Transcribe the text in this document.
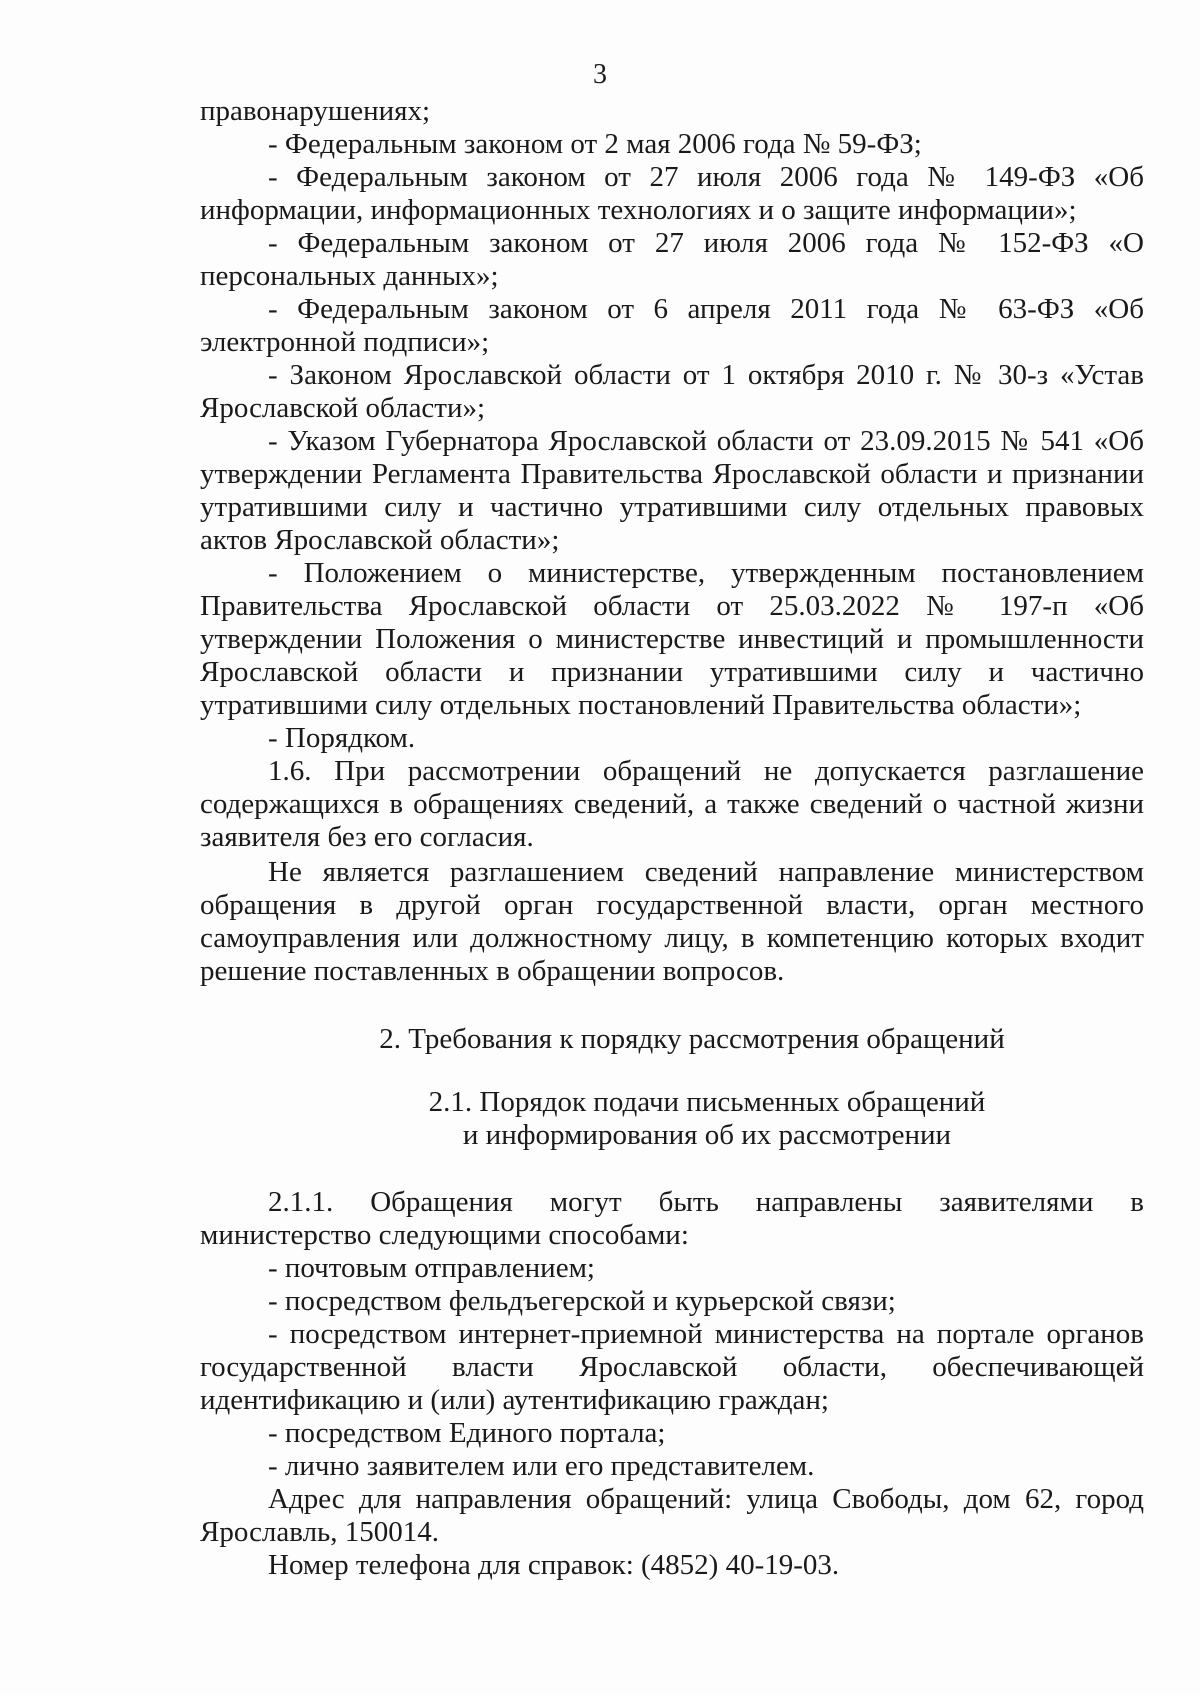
3

правонарушениях;

- Федеральным законом от 2 мая 2006 года № 59-ФЗ;

- Федеральным законом от 27 июля 2006 года № 149-ФЗ «Об информации, информационных технологиях и о защите информации»;

- Федеральным законом от 27 июля 2006 года № 152-ФЗ «О персональных данных»;

- Федеральным законом от 6 апреля 2011 года № 63-ФЗ «Об электронной подписи»;

- Законом Ярославской области от 1 октября 2010 г. № 30-з «Устав Ярославской области»;

- Указом Губернатора Ярославской области от 23.09.2015 № 541 «Об утверждении Регламента Правительства Ярославской области и признании утратившими силу и частично утратившими силу отдельных правовых актов Ярославской области»;

- Положением о министерстве, утвержденным постановлением Правительства Ярославской области от 25.03.2022 № 197-п «Об утверждении Положения о министерстве инвестиций и промышленности Ярославской области и признании утратившими силу и частично утратившими силу отдельных постановлений Правительства области»;

- Порядком.

1.6. При рассмотрении обращений не допускается разглашение содержащихся в обращениях сведений, а также сведений о частной жизни заявителя без его согласия.

Не является разглашением сведений направление министерством обращения в другой орган государственной власти, орган местного самоуправления или должностному лицу, в компетенцию которых входит решение поставленных в обращении вопросов.

2. Требования к порядку рассмотрения обращений

2.1. Порядок подачи письменных обращений
и информирования об их рассмотрении

2.1.1. Обращения могут быть направлены заявителями в министерство следующими способами:

- почтовым отправлением;

- посредством фельдъегерской и курьерской связи;

- посредством интернет-приемной министерства на портале органов государственной власти Ярославской области, обеспечивающей идентификацию и (или) аутентификацию граждан;

- посредством Единого портала;

- лично заявителем или его представителем.

Адрес для направления обращений: улица Свободы, дом 62, город Ярославль, 150014.

Номер телефона для справок: (4852) 40-19-03.
